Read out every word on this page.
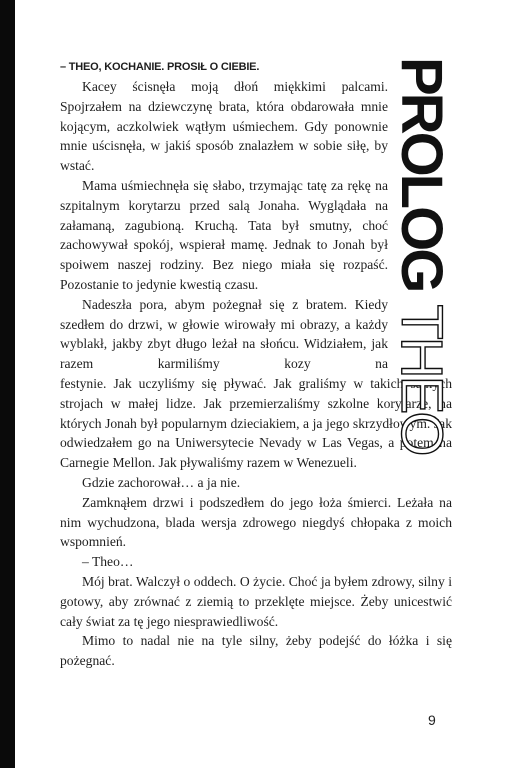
– THEO, KOCHANIE. PROSIŁ O CIEBIE.

Kacey ścisnęła moją dłoń miękkimi palcami. Spojrzałem na dziewczynę brata, która obdarowała mnie kojącym, aczkolwiek wątłym uśmiechem. Gdy ponownie mnie uścisnęła, w jakiś sposób znalazłem w sobie siłę, by wstać.

Mama uśmiechnęła się słabo, trzymając tatę za rękę na szpitalnym korytarzu przed salą Jonaha. Wyglądała na załamaną, zagubioną. Kruchą. Tata był smutny, choć zachowywał spokój, wspierał mamę. Jednak to Jonah był spoiwem naszej rodziny. Bez niego miała się rozpaść. Pozostanie to jedynie kwestią czasu.

Nadeszła pora, abym pożegnał się z bratem. Kiedy szedłem do drzwi, w głowie wirowały mi obrazy, a każdy wyblakł, jakby zbyt długo leżał na słońcu. Widziałem, jak razem karmiliśmy kozy na

festynie. Jak uczyliśmy się pływać. Jak graliśmy w takich samych strojach w małej lidze. Jak przemierzaliśmy szkolne korytarze, na których Jonah był popularnym dzieciakiem, a ja jego skrzydłowym. Jak odwiedzałem go na Uniwersytecie Nevady w Las Vegas, a potem na Carnegie Mellon. Jak pływaliśmy razem w Wenezueli.

Gdzie zachorował… a ja nie.

Zamknąłem drzwi i podszedłem do jego łoża śmierci. Leżała na nim wychudzona, blada wersja zdrowego niegdyś chłopaka z moich wspomnień.

– Theo…

Mój brat. Walczył o oddech. O życie. Choć ja byłem zdrowy, silny i gotowy, aby zrównać z ziemią to przeklęte miejsce. Żeby unicestwić cały świat za tę jego niesprawiedliwość.

Mimo to nadal nie na tyle silny, żeby podejść do łóżka i się pożegnać.

PROLOGTHEO
9
